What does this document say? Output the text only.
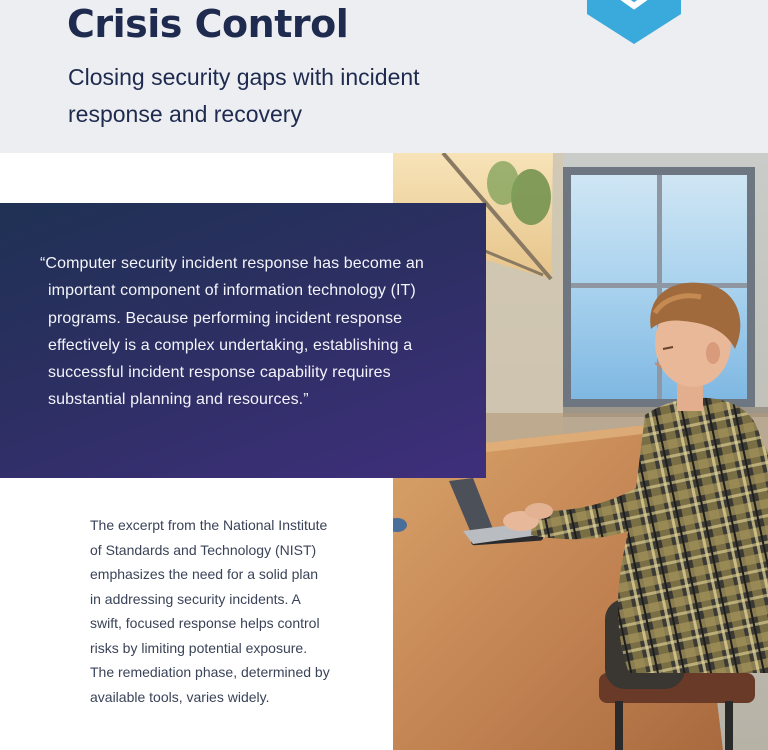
Crisis Control

Closing security gaps with incident response and recovery

“Computer security incident response has become an important component of information technology (IT) programs. Because performing incident response effectively is a complex undertaking, establishing a successful incident response capability requires substantial planning and resources.”

The excerpt from the National Institute of Standards and Technology (NIST) emphasizes the need for a solid plan in addressing security incidents. A swift, focused response helps control risks by limiting potential exposure. The remediation phase, determined by available tools, varies widely.
